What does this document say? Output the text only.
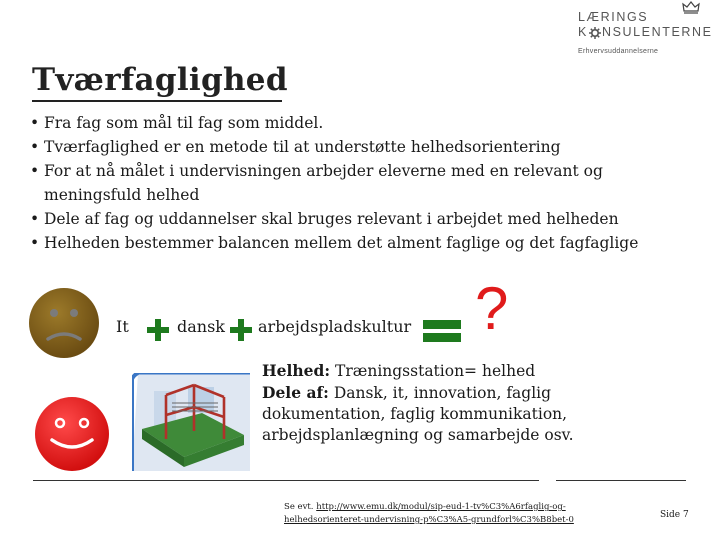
LÆRINGS
K NSULENTERNE
Erhvervsuddannelserne
Tværfaglighed
• Fra fag som mål til fag som middel.
• Tværfaglighed er en metode til at understøtte helhedsorientering
• For at nå målet i undervisningen arbejder eleverne med en relevant og meningsfuld helhed
• Dele af fag og uddannelser skal bruges relevant i arbejdet med helheden
• Helheden bestemmer balancen mellem det alment faglige og det fagfaglige
It	dansk arbejdspladskultur ?
Helhed: Træningsstation= helhed
Dele af: Dansk, it, innovation, faglig dokumentation, faglig kommunikation, arbejdsplanlægning og samarbejde osv.
Se evt. http://www.emu.dk/modul/sip-eud-1-tv%C3%A6rfaglig-og-helhedsorienteret-undervisning-p%C3%A5-grundforl%C3%B8bet-0	Side 7
